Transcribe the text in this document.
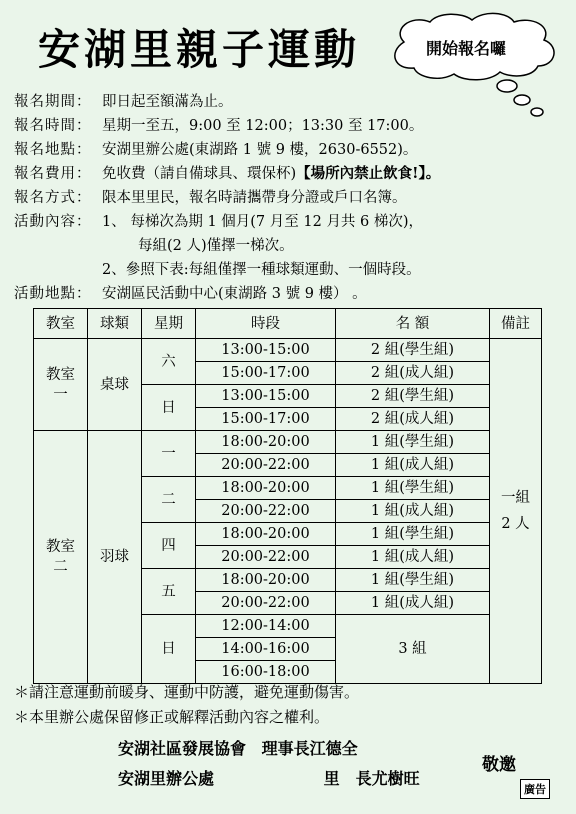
安湖里親子運動	開始報名囉
報名期間： 即日起至額滿為止。
報名時間： 星期一至五，9:00 至 12:00；13:30 至 17:00。
報名地點： 安湖里辦公處(東湖路 1 號 9 樓，2630-6552)。
報名費用： 免收費（請自備球具、環保杯)【場所內禁止飲食!】。
報名方式： 限本里里民，報名時請攜帶身分證或戶口名簿。
活動內容： 1、 每梯次為期 1 個月(7 月至 12 月共 6 梯次)，
每組(2 人)僅擇一梯次。
2、參照下表:每組僅擇一種球類運動、一個時段。
活動地點： 安湖區民活動中心(東湖路 3 號 9 樓） 。
教室	球類	星期	時段	名 額	備註
教室一	桌球	六	13:00-15:00	2 組(學生組)	一組 2 人
			15:00-17:00	2 組(成人組)	
		日	13:00-15:00	2 組(學生組)	
			15:00-17:00	2 組(成人組)	
教室二	羽球	一	18:00-20:00	1 組(學生組)	
			20:00-22:00	1 組(成人組)	
		二	18:00-20:00	1 組(學生組)	
			20:00-22:00	1 組(成人組)	
		四	18:00-20:00	1 組(學生組)	
			20:00-22:00	1 組(成人組)	
		五	18:00-20:00	1 組(學生組)	
			20:00-22:00	1 組(成人組)	
		日	12:00-14:00	3 組	
			14:00-16:00		
			16:00-18:00		
＊請注意運動前暖身、運動中防護，避免運動傷害。
＊本里辦公處保留修正或解釋活動內容之權利。
安湖社區發展協會 理事長江德全
安湖里辦公處	里　長尤樹旺
敬邀
廣告
